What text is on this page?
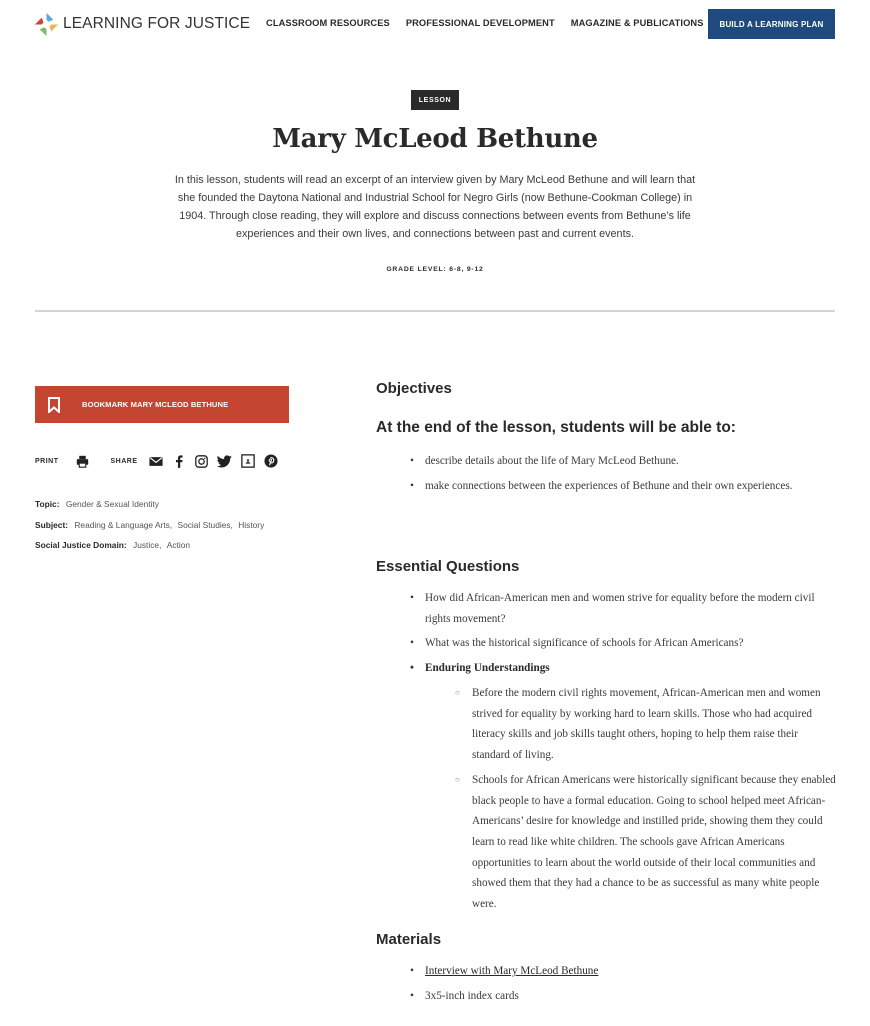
LEARNING FOR JUSTICE CLASSROOM RESOURCES PROFESSIONAL DEVELOPMENT MAGAZINE & PUBLICATIONS	BUILD A LEARNING PLAN
LESSON
Mary McLeod Bethune

In this lesson, students will read an excerpt of an interview given by Mary McLeod Bethune and will learn that she founded the Daytona National and Industrial School for Negro Girls (now Bethune-Cookman College) in 1904. Through close reading, they will explore and discuss connections between events from Bethune’s life experiences and their own lives, and connections between past and current events.

GRADE LEVEL: 6-8, 9-12
BOOKMARK MARY MCLEOD BETHUNE
PRINT	SHARE
Topic: Gender & Sexual Identity
Subject: Reading & Language Arts, Social Studies, History
Social Justice Domain: Justice, Action
Objectives
At the end of the lesson, students will be able to:
• describe details about the life of Mary McLeod Bethune.
• make connections between the experiences of Bethune and their own experiences.
Essential Questions
• How did African-American men and women strive for equality before the modern civil rights movement?
• What was the historical significance of schools for African Americans?
• Enduring Understandings
○ Before the modern civil rights movement, African-American men and women strived for equality by working hard to learn skills. Those who had acquired literacy skills and job skills taught others, hoping to help them raise their standard of living.
○ Schools for African Americans were historically significant because they enabled black people to have a formal education. Going to school helped meet African-Americans’ desire for knowledge and instilled pride, showing them they could learn to read like white children. The schools gave African Americans opportunities to learn about the world outside of their local communities and showed them that they had a chance to be as successful as many white people were.
Materials
• Interview with Mary McLeod Bethune
• 3x5-inch index cards
